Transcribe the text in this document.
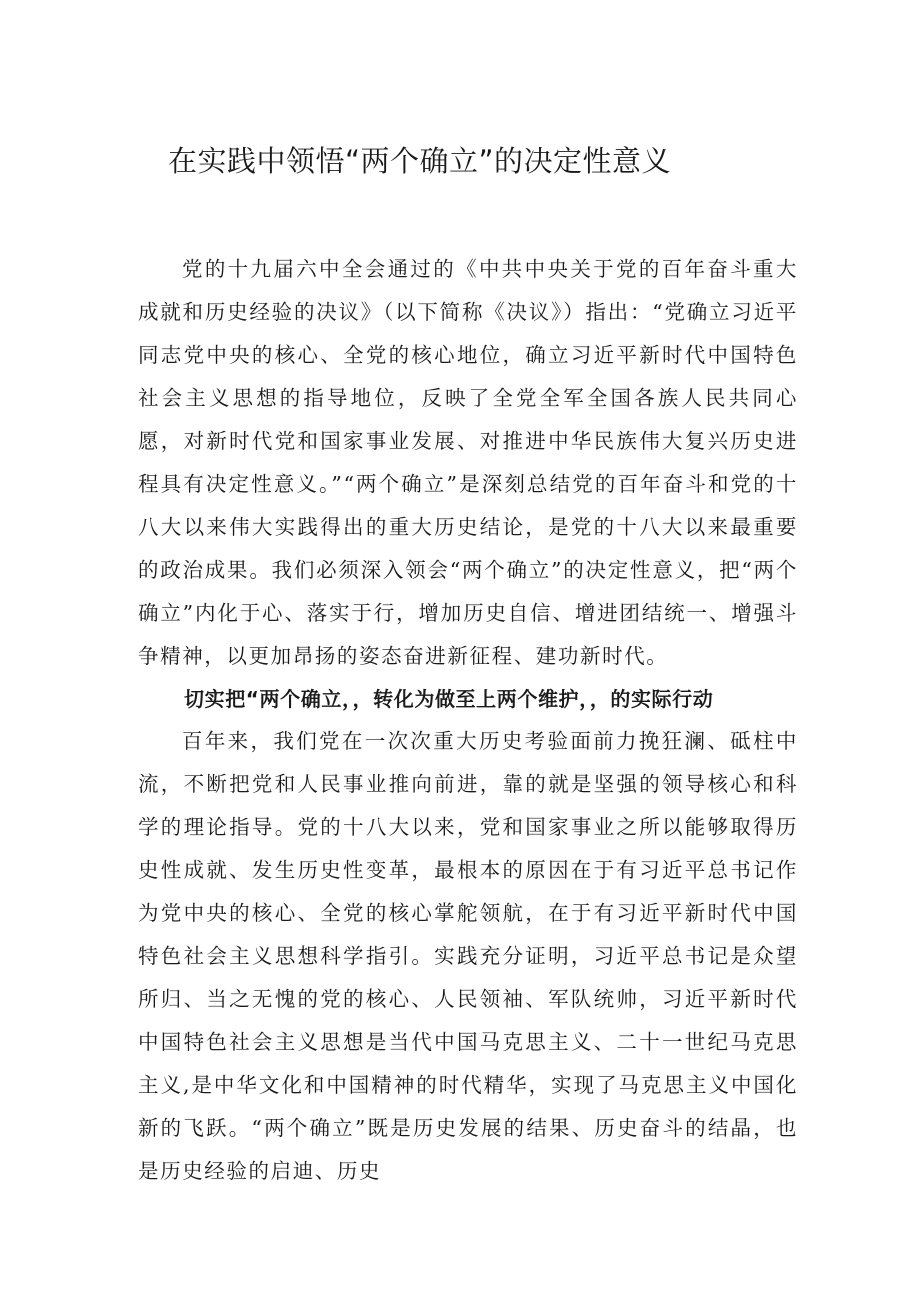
在实践中领悟“两个确立”的决定性意义

党的十九届六中全会通过的《中共中央关于党的百年奋斗重大成就和历史经验的决议》（以下简称《决议》）指出：“党确立习近平同志党中央的核心、全党的核心地位，确立习近平新时代中国特色社会主义思想的指导地位，反映了全党全军全国各族人民共同心愿，对新时代党和国家事业发展、对推进中华民族伟大复兴历史进程具有决定性意义。”“两个确立”是深刻总结党的百年奋斗和党的十八大以来伟大实践得出的重大历史结论，是党的十八大以来最重要的政治成果。我们必须深入领会“两个确立”的决定性意义，把“两个确立”内化于心、落实于行，增加历史自信、增进团结统一、增强斗争精神，以更加昂扬的姿态奋进新征程、建功新时代。

切实把“两个确立，，转化为做至上两个维护，，的实际行动

百年来，我们党在一次次重大历史考验面前力挽狂澜、砥柱中流，不断把党和人民事业推向前进，靠的就是坚强的领导核心和科学的理论指导。党的十八大以来，党和国家事业之所以能够取得历史性成就、发生历史性变革，最根本的原因在于有习近平总书记作为党中央的核心、全党的核心掌舵领航，在于有习近平新时代中国特色社会主义思想科学指引。实践充分证明，习近平总书记是众望所归、当之无愧的党的核心、人民领袖、军队统帅，习近平新时代中国特色社会主义思想是当代中国马克思主义、二十一世纪马克思主义,是中华文化和中国精神的时代精华，实现了马克思主义中国化新的飞跃。“两个确立”既是历史发展的结果、历史奋斗的结晶，也是历史经验的启迪、历史
